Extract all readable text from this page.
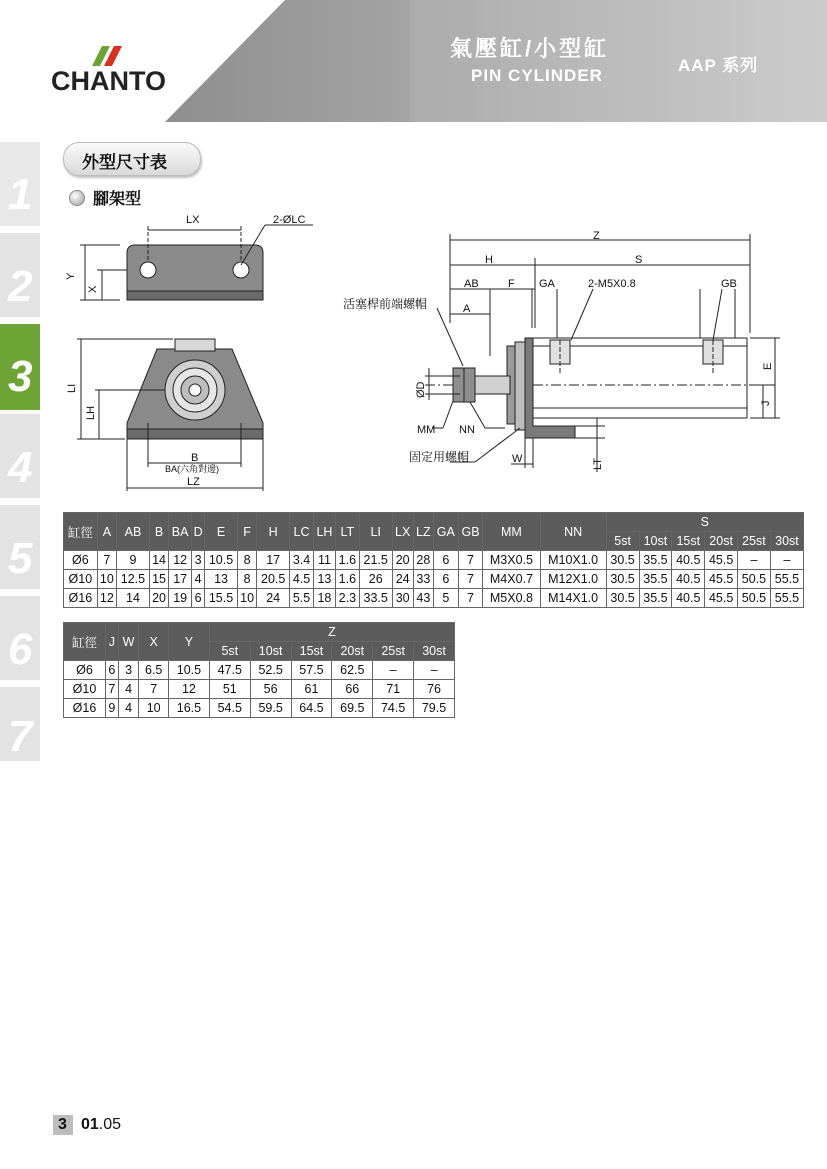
CHANTO
氣壓缸/小型缸
PIN CYLINDER
AAP 系列
1
2
3
4
5
6
7
外型尺寸表
腳架型
LX	2-ØLC
Y
X
LI
LH
B
BA(六角對邊)
LZ
Z
H	S
AB	F GA	2-M5X0.8	GB
A
活塞桿前端螺帽
ØD
E
J
MM NN
固定用螺帽	W	LT
缸徑	A	AB	B	BA	D	E	F	H	LC	LH	LT	LI	LX	LZ	GA	GB	MM	NN	S					
																			5st	10st	15st	20st	25st	30st
Ø6	7	9	14	12	3	10.5	8	17	3.4	11	1.6	21.5	20	28	6	7	M3X0.5	M10X1.0	30.5	35.5	40.5	45.5	–	–
Ø10	10	12.5	15	17	4	13	8	20.5	4.5	13	1.6	26	24	33	6	7	M4X0.7	M12X1.0	30.5	35.5	40.5	45.5	50.5	55.5
Ø16	12	14	20	19	6	15.5	10	24	5.5	18	2.3	33.5	30	43	5	7	M5X0.8	M14X1.0	30.5	35.5	40.5	45.5	50.5	55.5
缸徑	J	W	X	Y	Z					
					5st	10st	15st	20st	25st	30st
Ø6	6	3	6.5	10.5	47.5	52.5	57.5	62.5	–	–
Ø10	7	4	7	12	51	56	61	66	71	76
Ø16	9	4	10	16.5	54.5	59.5	64.5	69.5	74.5	79.5
3 01.05
